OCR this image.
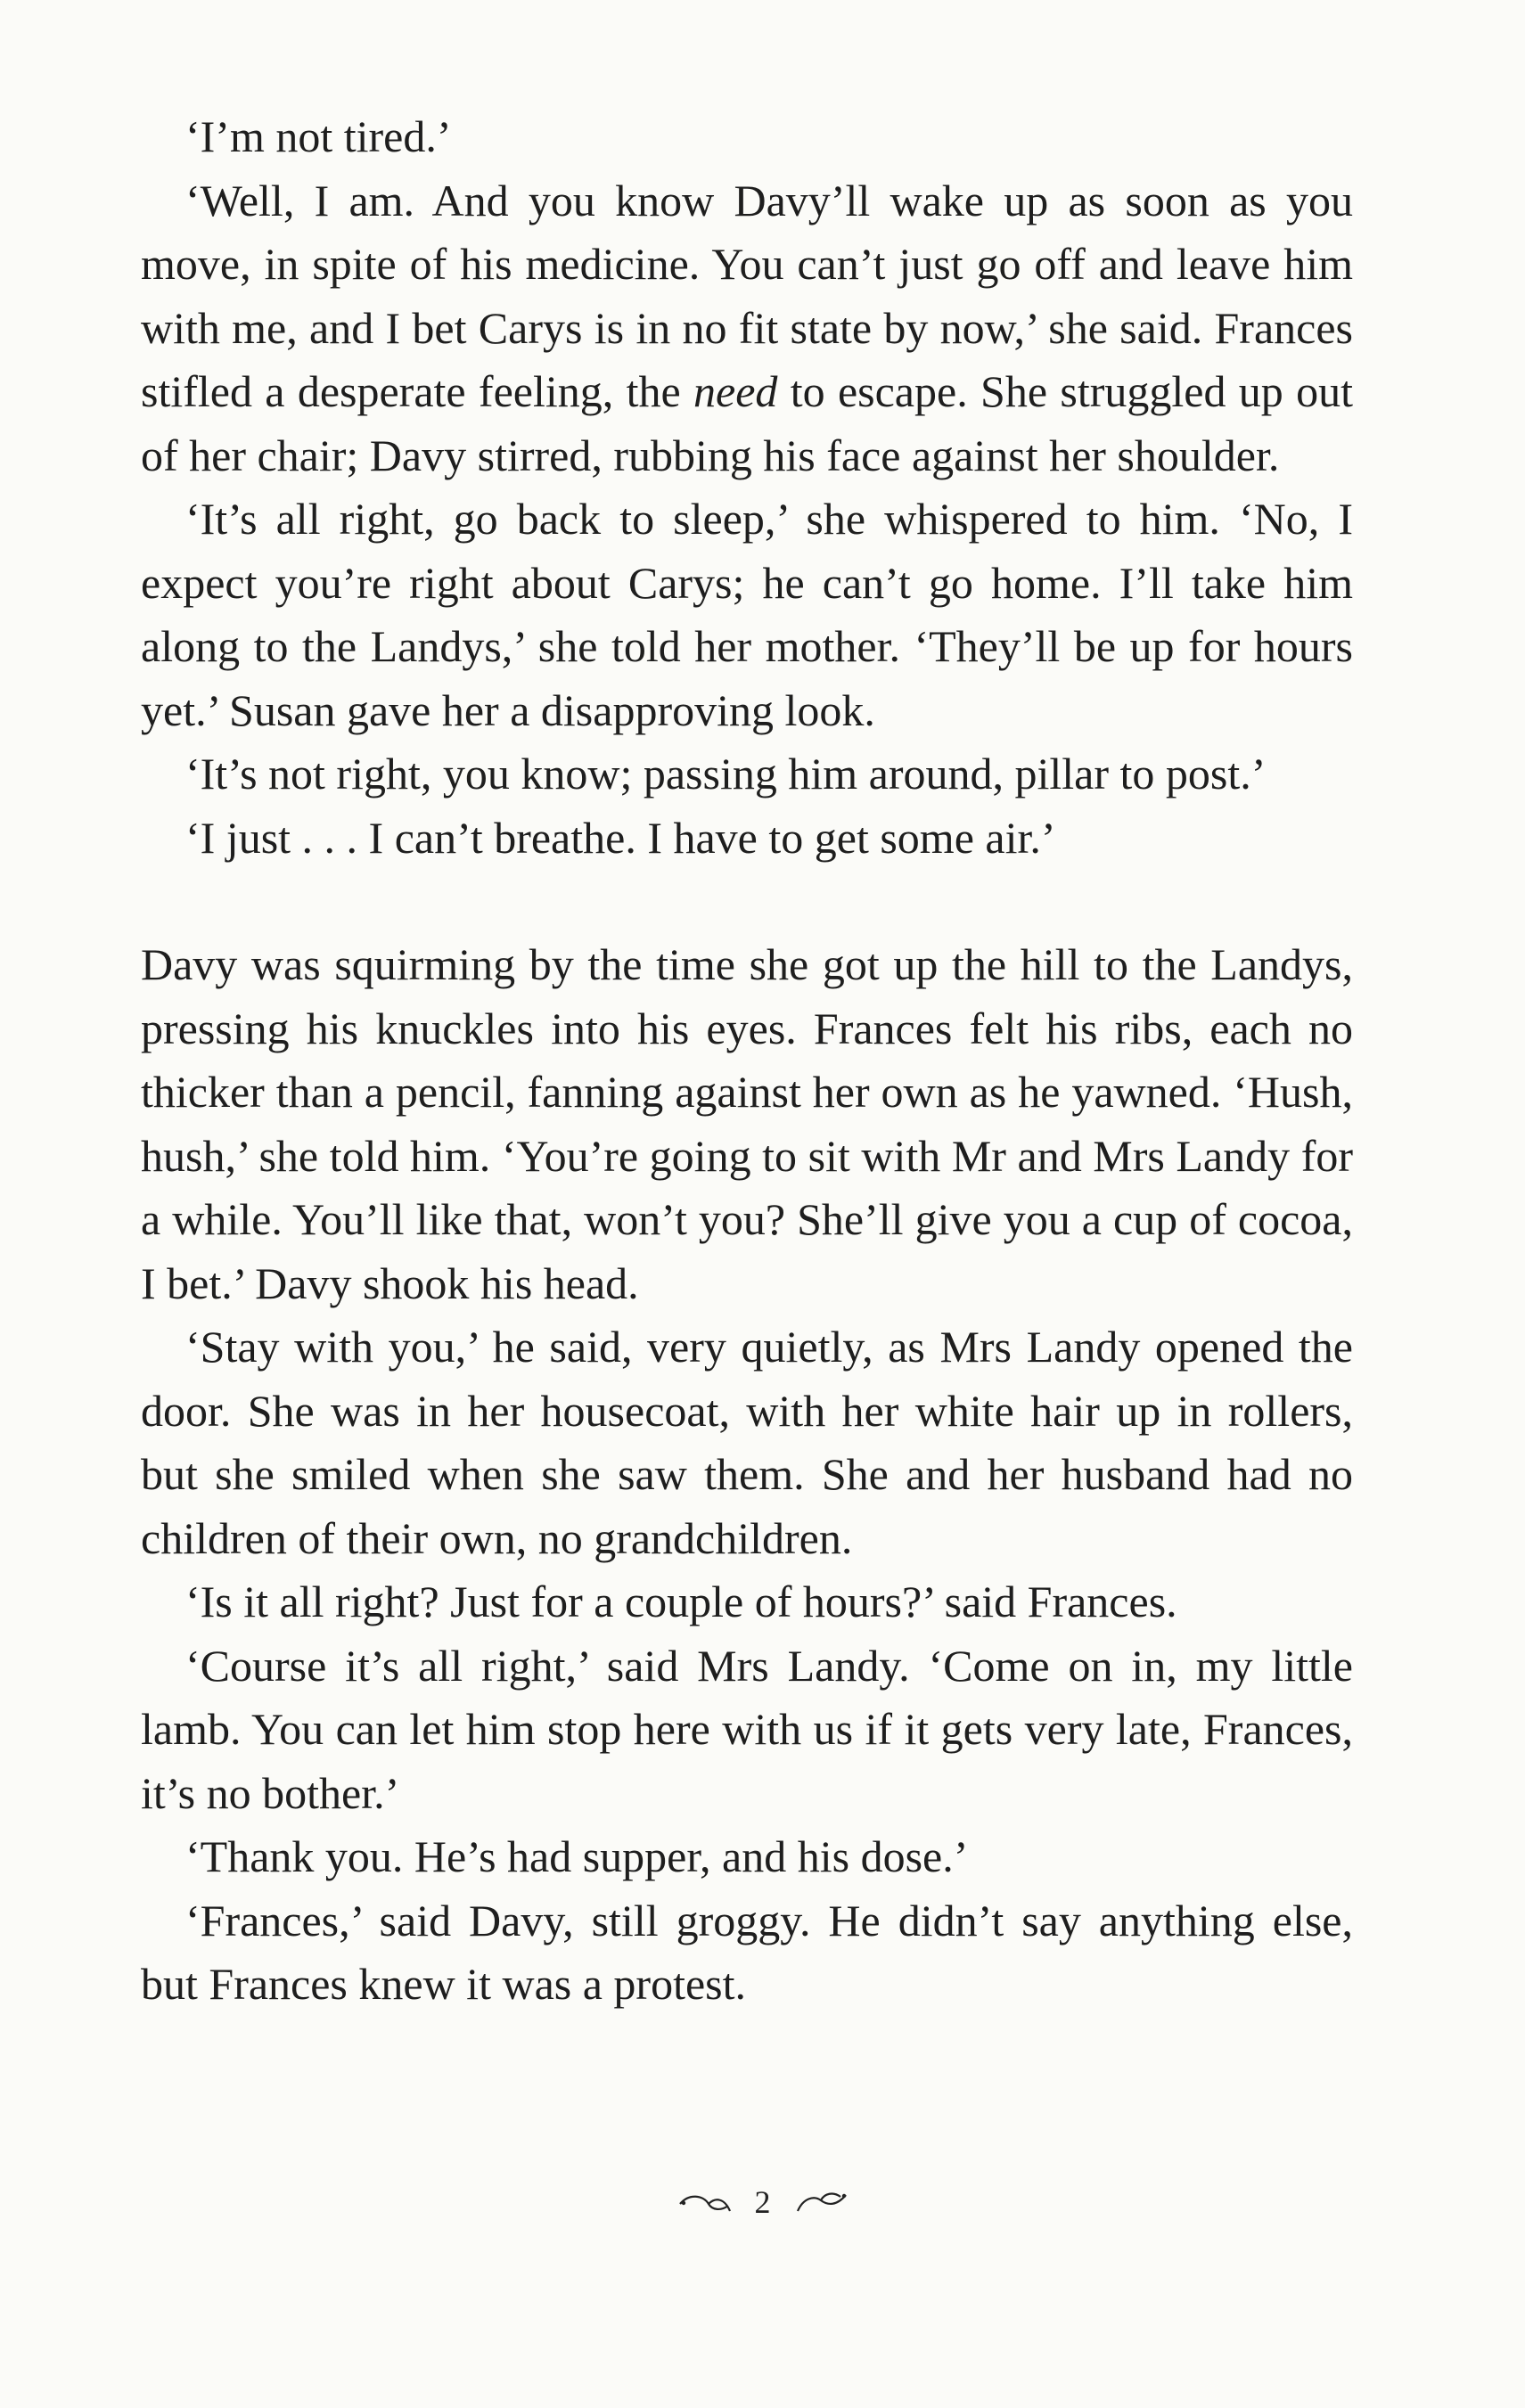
‘I’m not tired.’

‘Well, I am. And you know Davy’ll wake up as soon as you move, in spite of his medicine. You can’t just go off and leave him with me, and I bet Carys is in no fit state by now,’ she said. Frances stifled a desperate feeling, the need to escape. She struggled up out of her chair; Davy stirred, rubbing his face against her shoulder.

‘It’s all right, go back to sleep,’ she whispered to him. ‘No, I expect you’re right about Carys; he can’t go home. I’ll take him along to the Landys,’ she told her mother. ‘They’ll be up for hours yet.’ Susan gave her a disapproving look.

‘It’s not right, you know; passing him around, pillar to post.’

‘I just . . . I can’t breathe. I have to get some air.’

Davy was squirming by the time she got up the hill to the Landys, pressing his knuckles into his eyes. Frances felt his ribs, each no thicker than a pencil, fanning against her own as he yawned. ‘Hush, hush,’ she told him. ‘You’re going to sit with Mr and Mrs Landy for a while. You’ll like that, won’t you? She’ll give you a cup of cocoa, I bet.’ Davy shook his head.

‘Stay with you,’ he said, very quietly, as Mrs Landy opened the door. She was in her housecoat, with her white hair up in rollers, but she smiled when she saw them. She and her husband had no children of their own, no grandchildren.

‘Is it all right? Just for a couple of hours?’ said Frances.

‘Course it’s all right,’ said Mrs Landy. ‘Come on in, my little lamb. You can let him stop here with us if it gets very late, Frances, it’s no bother.’

‘Thank you. He’s had supper, and his dose.’

‘Frances,’ said Davy, still groggy. He didn’t say anything else, but Frances knew it was a protest.

2
